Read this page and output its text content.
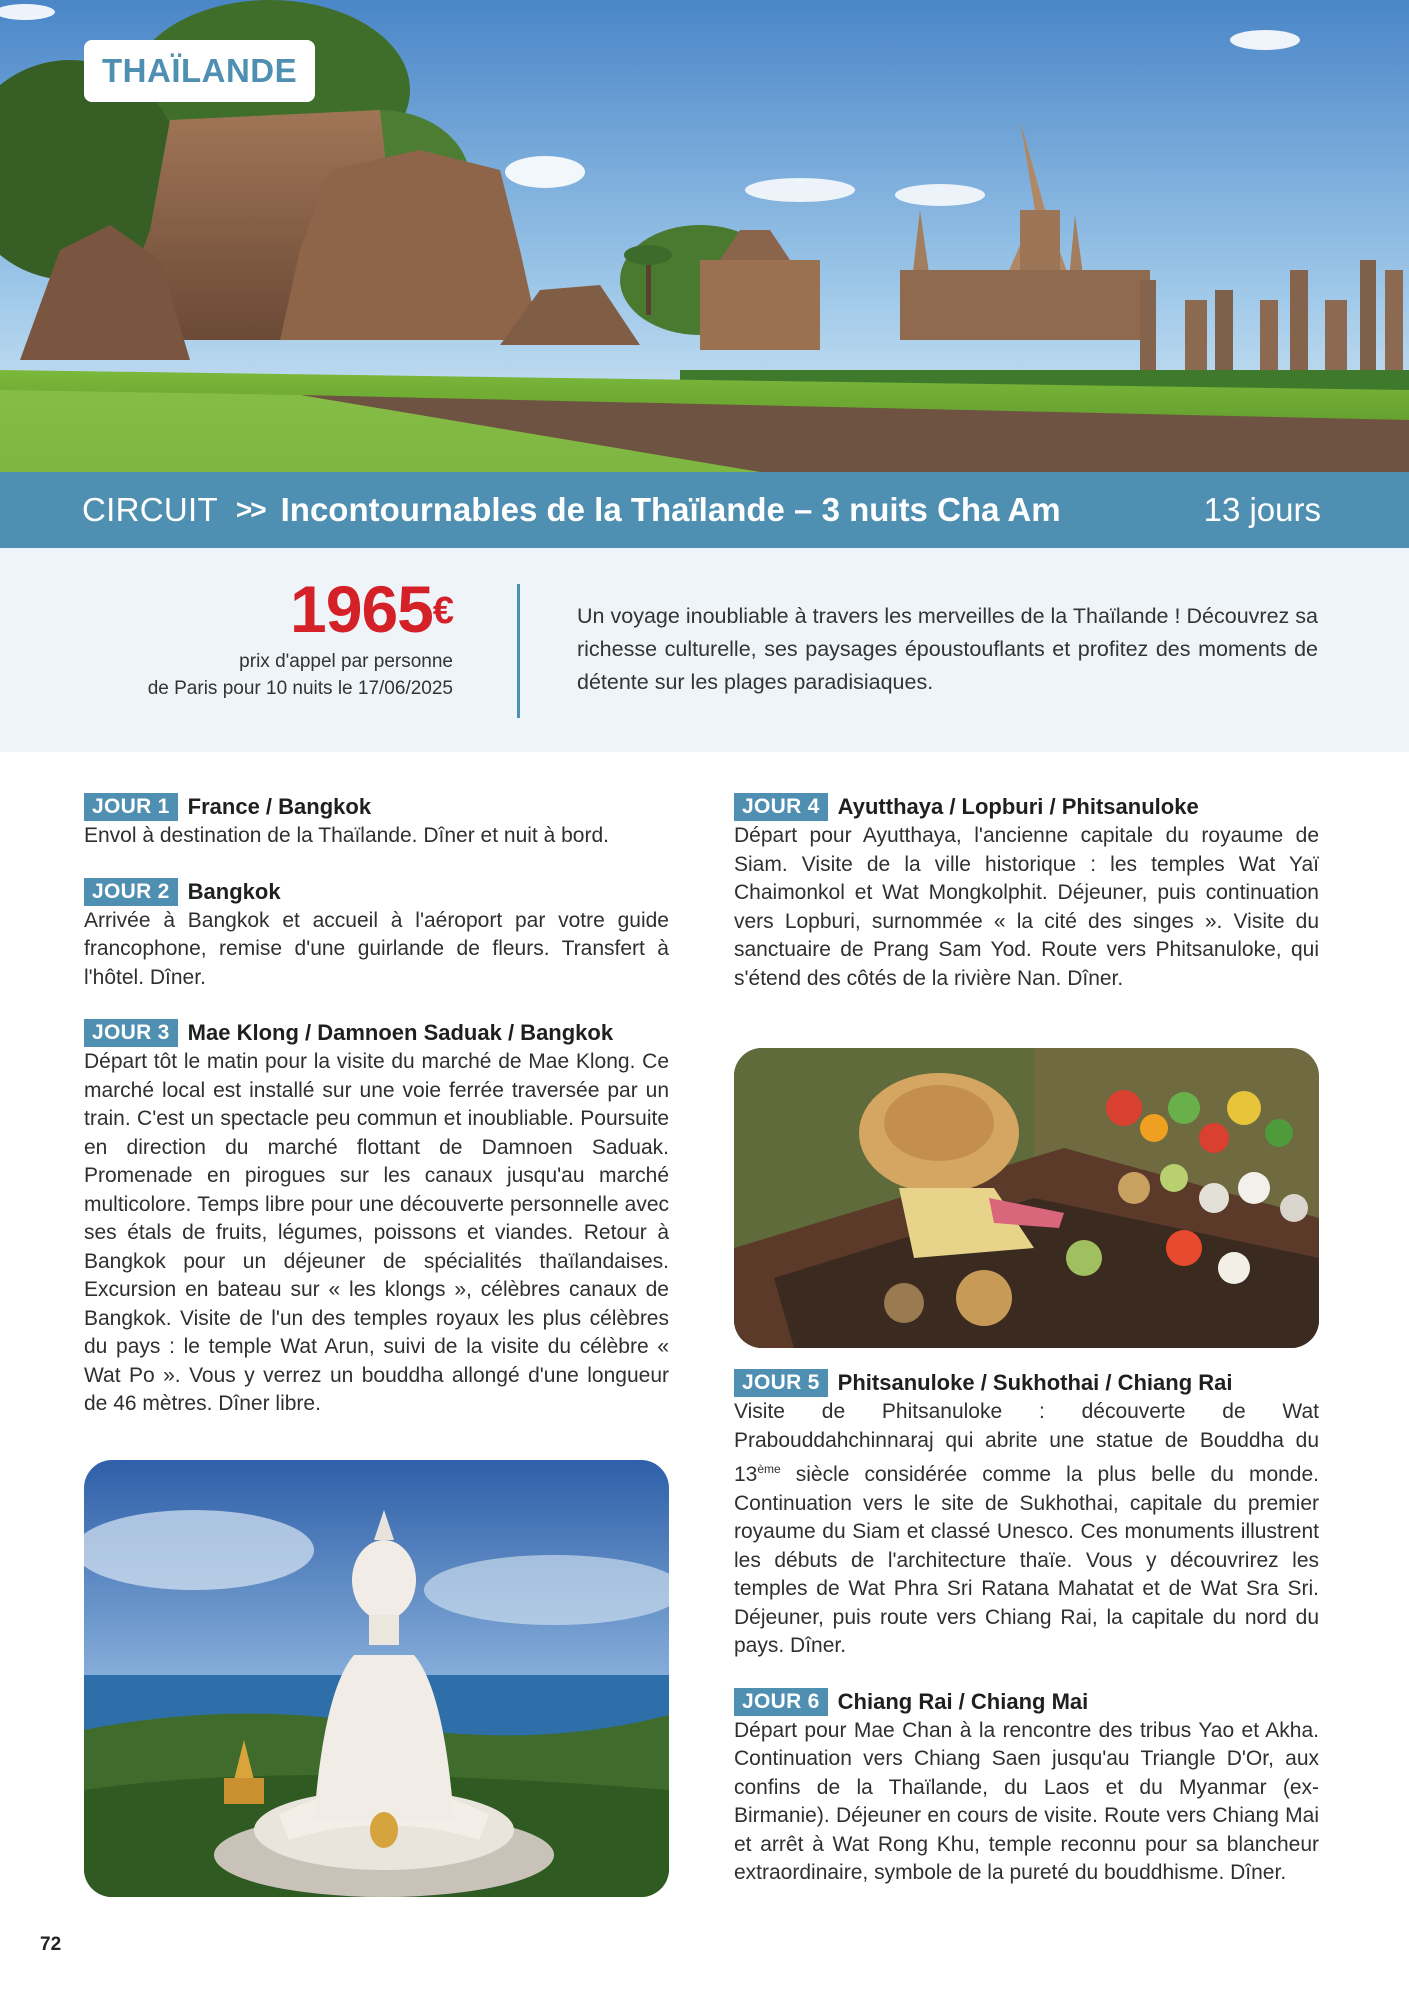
THAÏLANDE
CIRCUIT >> Incontournables de la Thaïlande – 3 nuits Cha Am	13 jours
1965€
prix d'appel par personne
de Paris pour 10 nuits le 17/06/2025

Un voyage inoubliable à travers les merveilles de la Thaïlande ! Découvrez sa richesse culturelle, ses paysages époustouflants et profitez des moments de détente sur les plages paradisiaques.

JOUR 1 France / Bangkok

Envol à destination de la Thaïlande. Dîner et nuit à bord.

JOUR 2 Bangkok

Arrivée à Bangkok et accueil à l'aéroport par votre guide francophone, remise d'une guirlande de fleurs. Transfert à l'hôtel. Dîner.

JOUR 3 Mae Klong / Damnoen Saduak / Bangkok

Départ tôt le matin pour la visite du marché de Mae Klong. Ce marché local est installé sur une voie ferrée traversée par un train. C'est un spectacle peu commun et inoubliable. Poursuite en direction du marché flottant de Damnoen Saduak. Promenade en pirogues sur les canaux jusqu'au marché multicolore. Temps libre pour une découverte personnelle avec ses étals de fruits, légumes, poissons et viandes. Retour à Bangkok pour un déjeuner de spécialités thaïlandaises. Excursion en bateau sur « les klongs », célèbres canaux de Bangkok. Visite de l'un des temples royaux les plus célèbres du pays : le temple Wat Arun, suivi de la visite du célèbre « Wat Po ». Vous y verrez un bouddha allongé d'une longueur de 46 mètres. Dîner libre.

JOUR 4 Ayutthaya / Lopburi / Phitsanuloke

Départ pour Ayutthaya, l'ancienne capitale du royaume de Siam. Visite de la ville historique : les temples Wat Yaï Chaimonkol et Wat Mongkolphit. Déjeuner, puis continuation vers Lopburi, surnommée « la cité des singes ». Visite du sanctuaire de Prang Sam Yod. Route vers Phitsanuloke, qui s'étend des côtés de la rivière Nan. Dîner.

JOUR 5 Phitsanuloke / Sukhothai / Chiang Rai

Visite de Phitsanuloke : découverte de Wat Prabouddahchinnaraj qui abrite une statue de Bouddha du 13ème siècle considérée comme la plus belle du monde. Continuation vers le site de Sukhothai, capitale du premier royaume du Siam et classé Unesco. Ces monuments illustrent les débuts de l'architecture thaïe. Vous y découvrirez les temples de Wat Phra Sri Ratana Mahatat et de Wat Sra Sri. Déjeuner, puis route vers Chiang Rai, la capitale du nord du pays. Dîner.

JOUR 6 Chiang Rai / Chiang Mai

Départ pour Mae Chan à la rencontre des tribus Yao et Akha. Continuation vers Chiang Saen jusqu'au Triangle D'Or, aux confins de la Thaïlande, du Laos et du Myanmar (ex-Birmanie). Déjeuner en cours de visite. Route vers Chiang Mai et arrêt à Wat Rong Khu, temple reconnu pour sa blancheur extraordinaire, symbole de la pureté du bouddhisme. Dîner.

72
